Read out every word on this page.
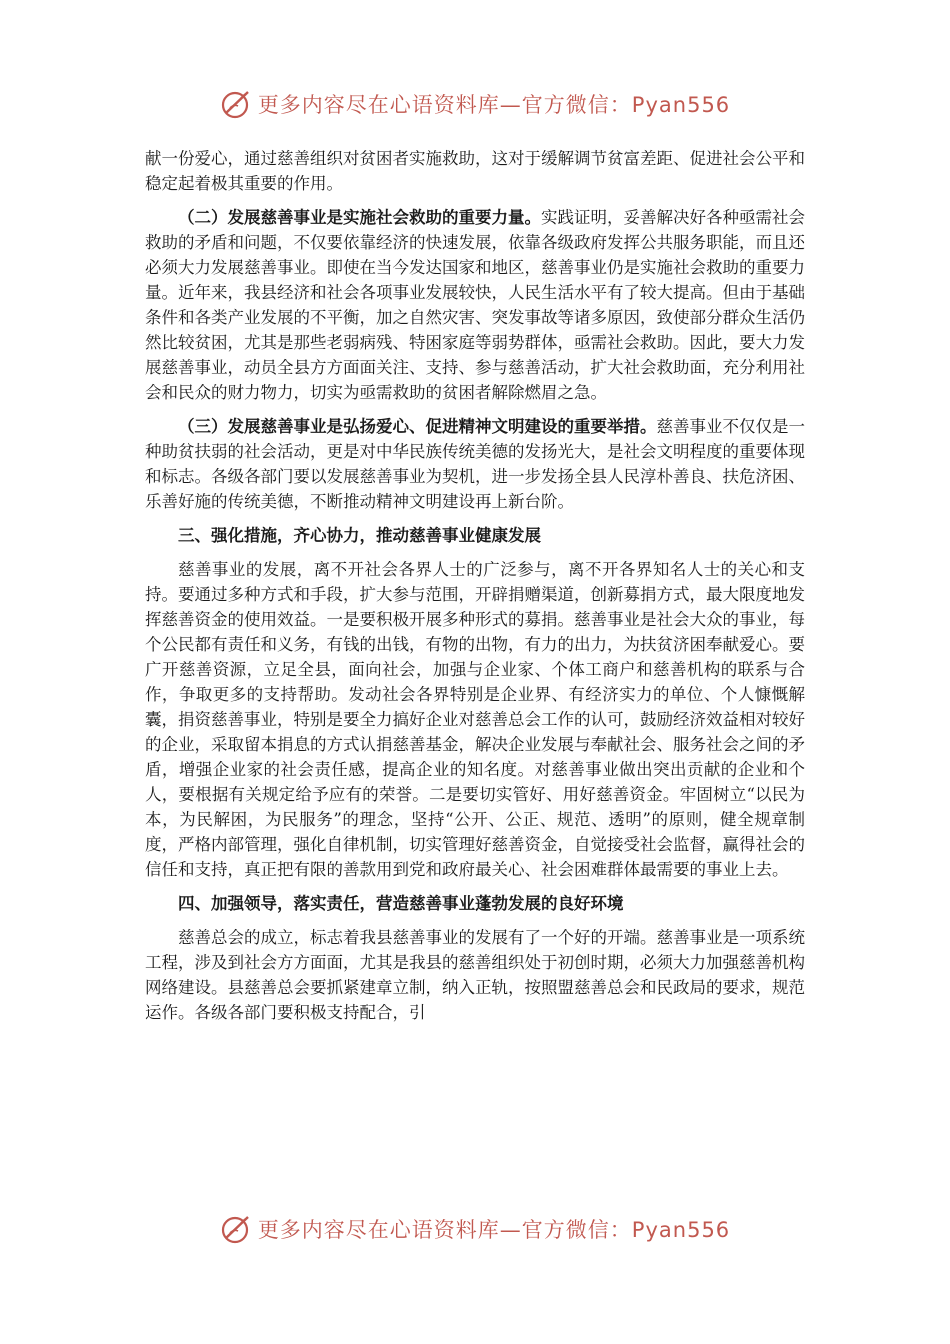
更多内容尽在心语资料库—官方微信：Pyan556

献一份爱心，通过慈善组织对贫困者实施救助，这对于缓解调节贫富差距、促进社会公平和稳定起着极其重要的作用。

（二）发展慈善事业是实施社会救助的重要力量。实践证明，妥善解决好各种亟需社会救助的矛盾和问题，不仅要依靠经济的快速发展，依靠各级政府发挥公共服务职能，而且还必须大力发展慈善事业。即使在当今发达国家和地区，慈善事业仍是实施社会救助的重要力量。近年来，我县经济和社会各项事业发展较快，人民生活水平有了较大提高。但由于基础条件和各类产业发展的不平衡，加之自然灾害、突发事故等诸多原因，致使部分群众生活仍然比较贫困，尤其是那些老弱病残、特困家庭等弱势群体，亟需社会救助。因此，要大力发展慈善事业，动员全县方方面面关注、支持、参与慈善活动，扩大社会救助面，充分利用社会和民众的财力物力，切实为亟需救助的贫困者解除燃眉之急。

（三）发展慈善事业是弘扬爱心、促进精神文明建设的重要举措。慈善事业不仅仅是一种助贫扶弱的社会活动，更是对中华民族传统美德的发扬光大，是社会文明程度的重要体现和标志。各级各部门要以发展慈善事业为契机，进一步发扬全县人民淳朴善良、扶危济困、乐善好施的传统美德，不断推动精神文明建设再上新台阶。

三、强化措施，齐心协力，推动慈善事业健康发展

慈善事业的发展，离不开社会各界人士的广泛参与，离不开各界知名人士的关心和支持。要通过多种方式和手段，扩大参与范围，开辟捐赠渠道，创新募捐方式，最大限度地发挥慈善资金的使用效益。一是要积极开展多种形式的募捐。慈善事业是社会大众的事业，每个公民都有责任和义务，有钱的出钱，有物的出物，有力的出力，为扶贫济困奉献爱心。要广开慈善资源，立足全县，面向社会，加强与企业家、个体工商户和慈善机构的联系与合作，争取更多的支持帮助。发动社会各界特别是企业界、有经济实力的单位、个人慷慨解囊，捐资慈善事业，特别是要全力搞好企业对慈善总会工作的认可，鼓励经济效益相对较好的企业，采取留本捐息的方式认捐慈善基金，解决企业发展与奉献社会、服务社会之间的矛盾，增强企业家的社会责任感，提高企业的知名度。对慈善事业做出突出贡献的企业和个人，要根据有关规定给予应有的荣誉。二是要切实管好、用好慈善资金。牢固树立“以民为本，为民解困，为民服务”的理念，坚持“公开、公正、规范、透明”的原则，健全规章制度，严格内部管理，强化自律机制，切实管理好慈善资金，自觉接受社会监督，赢得社会的信任和支持，真正把有限的善款用到党和政府最关心、社会困难群体最需要的事业上去。

四、加强领导，落实责任，营造慈善事业蓬勃发展的良好环境

慈善总会的成立，标志着我县慈善事业的发展有了一个好的开端。慈善事业是一项系统工程，涉及到社会方方面面，尤其是我县的慈善组织处于初创时期，必须大力加强慈善机构网络建设。县慈善总会要抓紧建章立制，纳入正轨，按照盟慈善总会和民政局的要求，规范运作。各级各部门要积极支持配合，引

更多内容尽在心语资料库—官方微信：Pyan556
